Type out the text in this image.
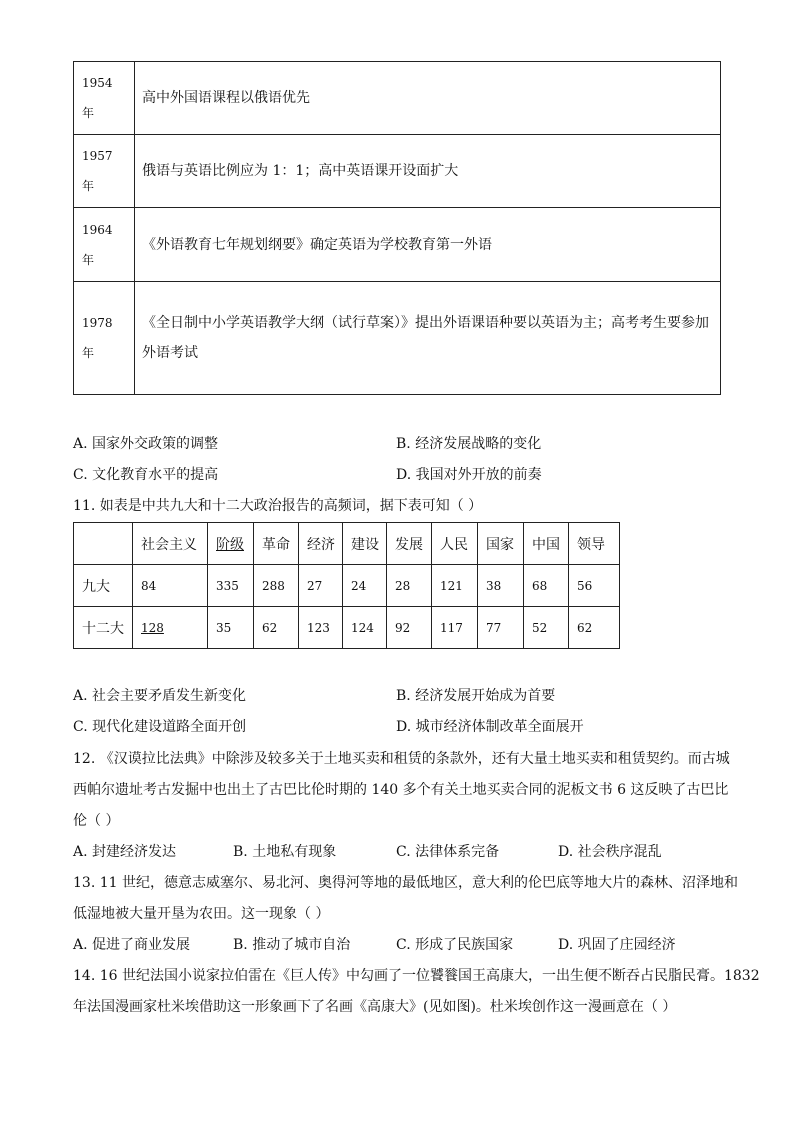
1954
年	高中外国语课程以俄语优先
1957
年	俄语与英语比例应为 1：1；高中英语课开设面扩大
1964
年	《外语教育七年规划纲要》确定英语为学校教育第一外语
1978
年	《全日制中小学英语教学大纲（试行草案）》提出外语课语种要以英语为主；高考考生要参加
外语考试
A. 国家外交政策的调整	B. 经济发展战略的变化
C. 文化教育水平的提高	D. 我国对外开放的前奏
11. 如表是中共九大和十二大政治报告的高频词，据下表可知（ ）
	社会主义	阶级	革命	经济	建设	发展	人民	国家	中国	领导
九大	84	335	288	27	24	28	121	38	68	56
十二大	128	35	62	123	124	92	117	77	52	62
A. 社会主要矛盾发生新变化	B. 经济发展开始成为首要
C. 现代化建设道路全面开创	D. 城市经济体制改革全面展开
12. 《汉谟拉比法典》中除涉及较多关于土地买卖和租赁的条款外，还有大量土地买卖和租赁契约。而古城
西帕尔遗址考古发掘中也出土了古巴比伦时期的 140 多个有关土地买卖合同的泥板文书 6 这反映了古巴比
伦（ ）
A. 封建经济发达	B. 土地私有现象	C. 法律体系完备	D. 社会秩序混乱
13. 11 世纪，德意志威塞尔、易北河、奥得河等地的最低地区，意大利的伦巴底等地大片的森林、沼泽地和
低湿地被大量开垦为农田。这一现象（ ）
A. 促进了商业发展	B. 推动了城市自治	C. 形成了民族国家	D. 巩固了庄园经济
14. 16 世纪法国小说家拉伯雷在《巨人传》中勾画了一位饕餮国王高康大，一出生便不断吞占民脂民膏。1832
年法国漫画家杜米埃借助这一形象画下了名画《高康大》(见如图)。杜米埃创作这一漫画意在（ ）
